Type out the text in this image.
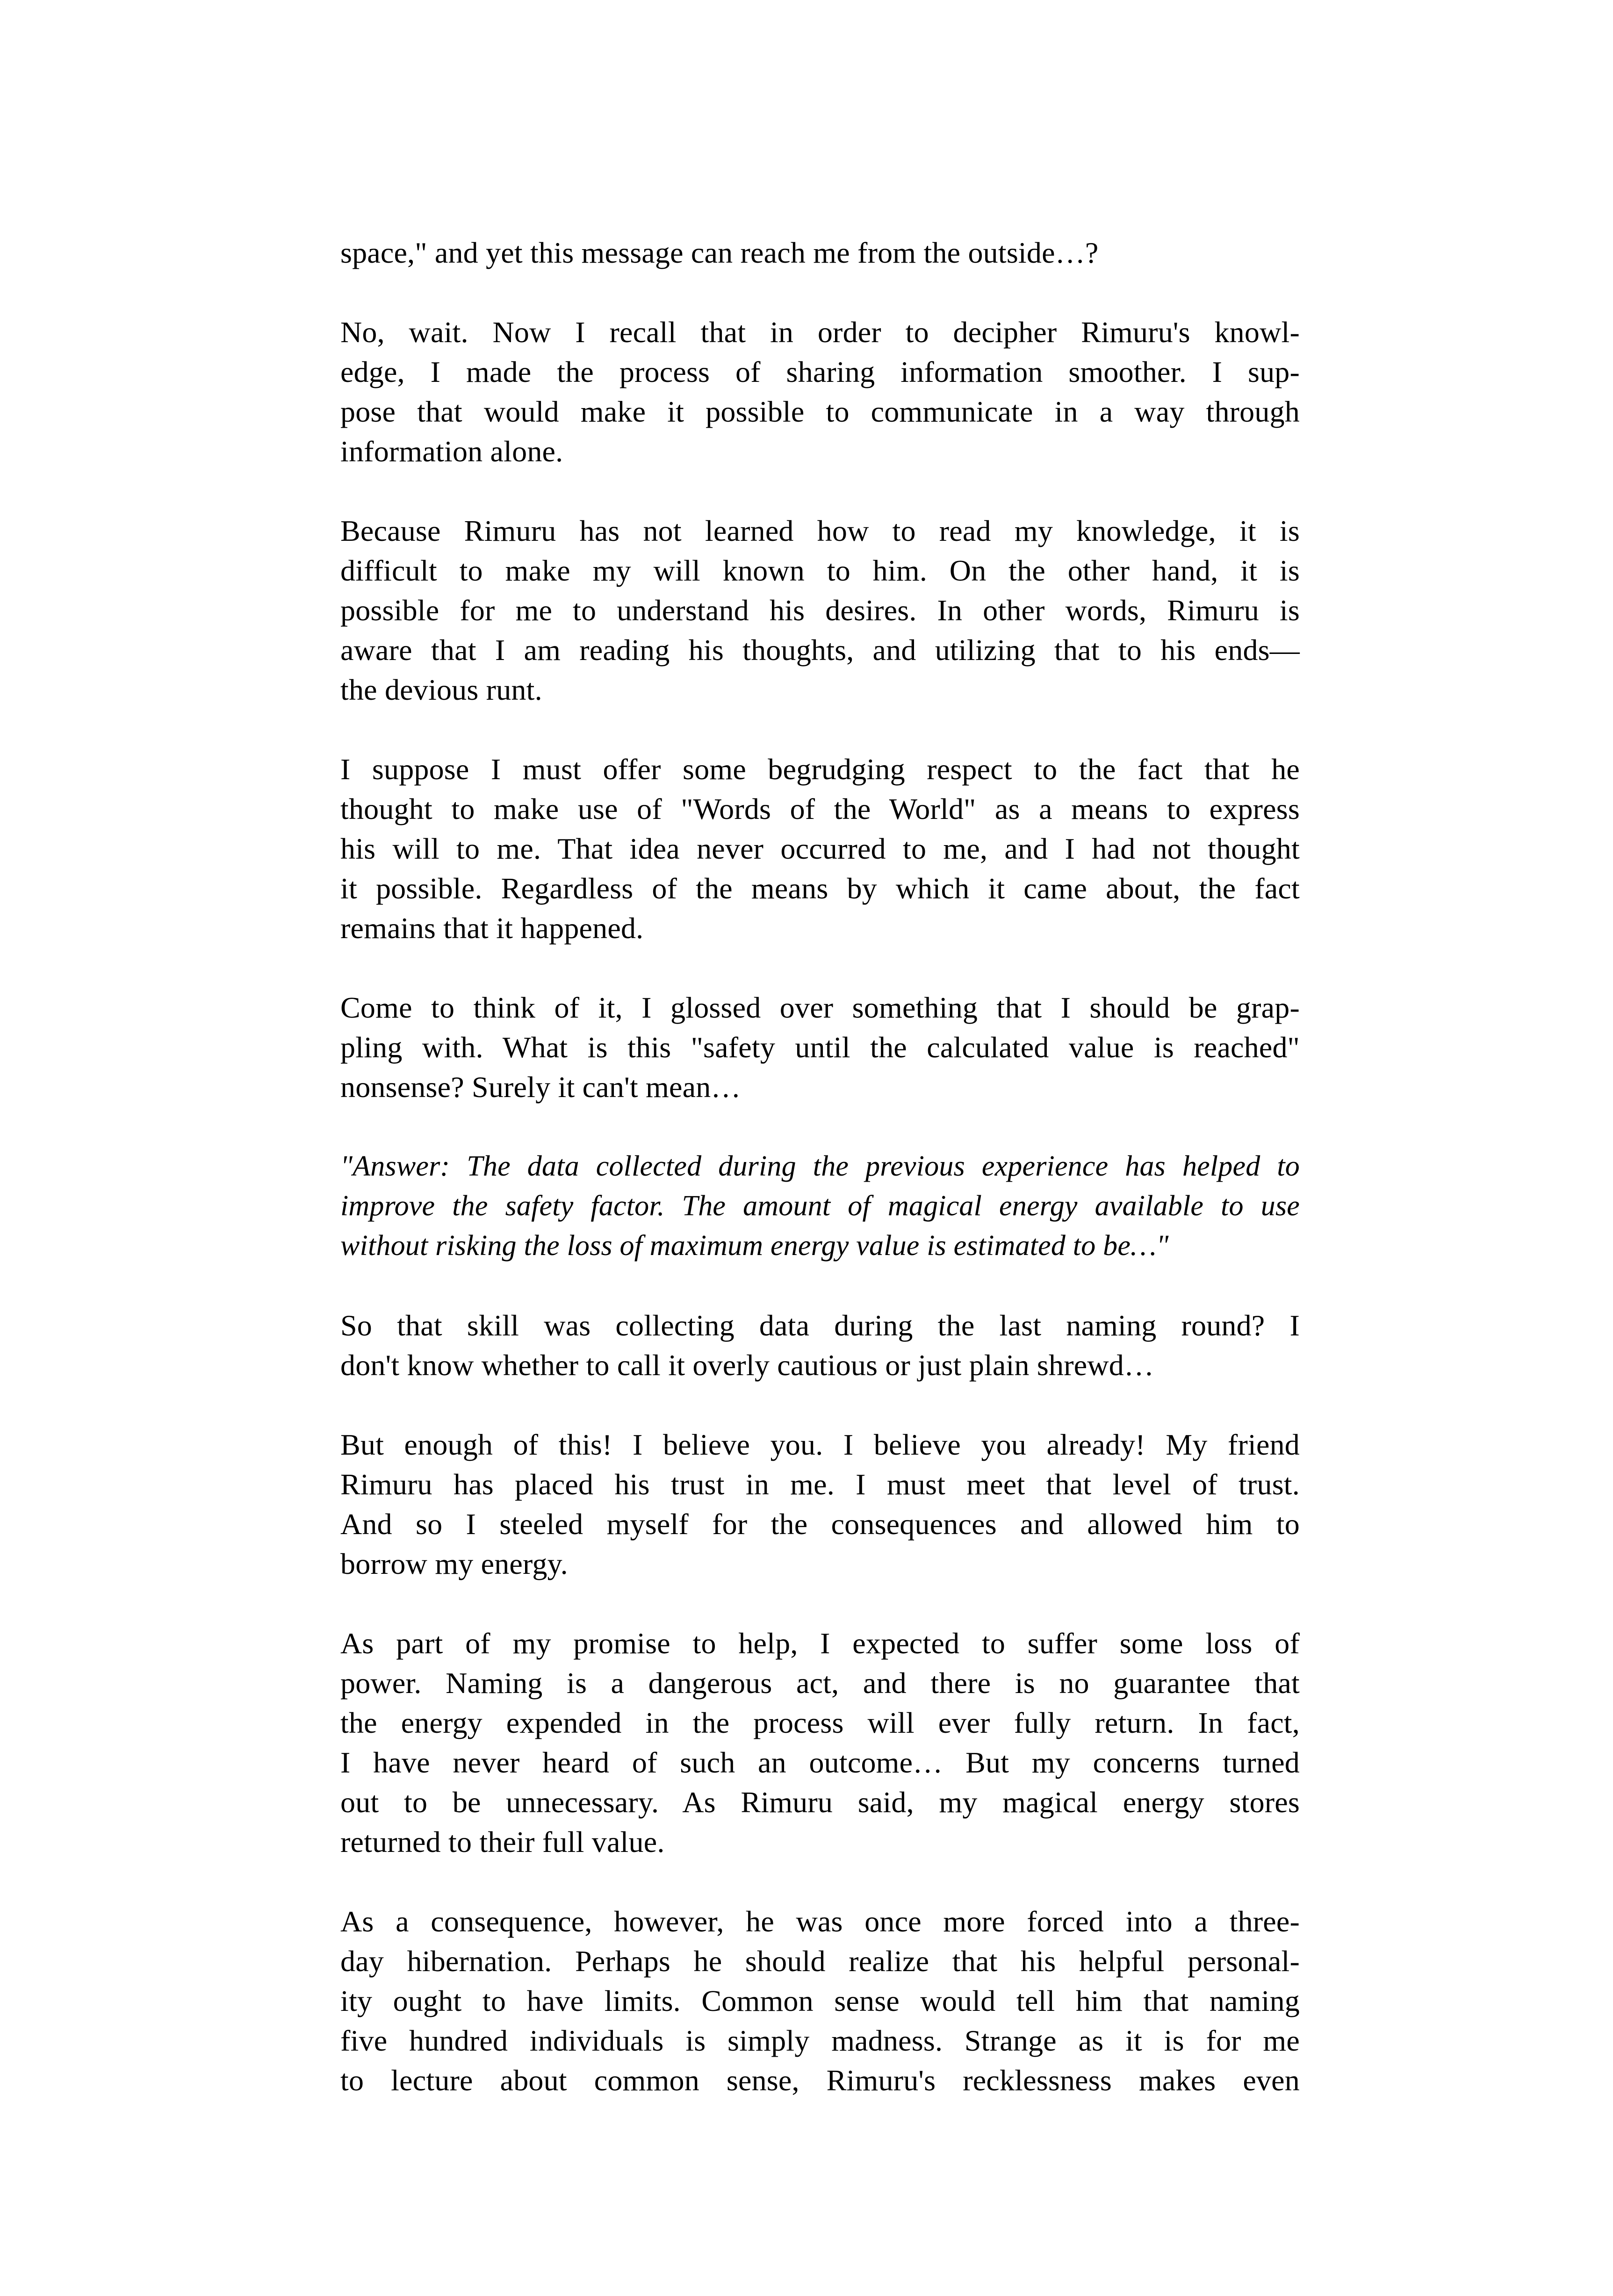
space," and yet this message can reach me from the outside…?
No, wait. Now I recall that in order to decipher Rimuru's knowl-
edge, I made the process of sharing information smoother. I sup-
pose that would make it possible to communicate in a way through
information alone.
Because Rimuru has not learned how to read my knowledge, it is
difficult to make my will known to him. On the other hand, it is
possible for me to understand his desires. In other words, Rimuru is
aware that I am reading his thoughts, and utilizing that to his ends—
the devious runt.
I suppose I must offer some begrudging respect to the fact that he
thought to make use of "Words of the World" as a means to express
his will to me. That idea never occurred to me, and I had not thought
it possible. Regardless of the means by which it came about, the fact
remains that it happened.
Come to think of it, I glossed over something that I should be grap-
pling with. What is this "safety until the calculated value is reached"
nonsense? Surely it can't mean…
"Answer: The data collected during the previous experience has helped to
improve the safety factor. The amount of magical energy available to use
without risking the loss of maximum energy value is estimated to be…"
So that skill was collecting data during the last naming round? I
don't know whether to call it overly cautious or just plain shrewd…
But enough of this! I believe you. I believe you already! My friend
Rimuru has placed his trust in me. I must meet that level of trust.
And so I steeled myself for the consequences and allowed him to
borrow my energy.
As part of my promise to help, I expected to suffer some loss of
power. Naming is a dangerous act, and there is no guarantee that
the energy expended in the process will ever fully return. In fact,
I have never heard of such an outcome… But my concerns turned
out to be unnecessary. As Rimuru said, my magical energy stores
returned to their full value.
As a consequence, however, he was once more forced into a three-
day hibernation. Perhaps he should realize that his helpful personal-
ity ought to have limits. Common sense would tell him that naming
five hundred individuals is simply madness. Strange as it is for me
to lecture about common sense, Rimuru's recklessness makes even
